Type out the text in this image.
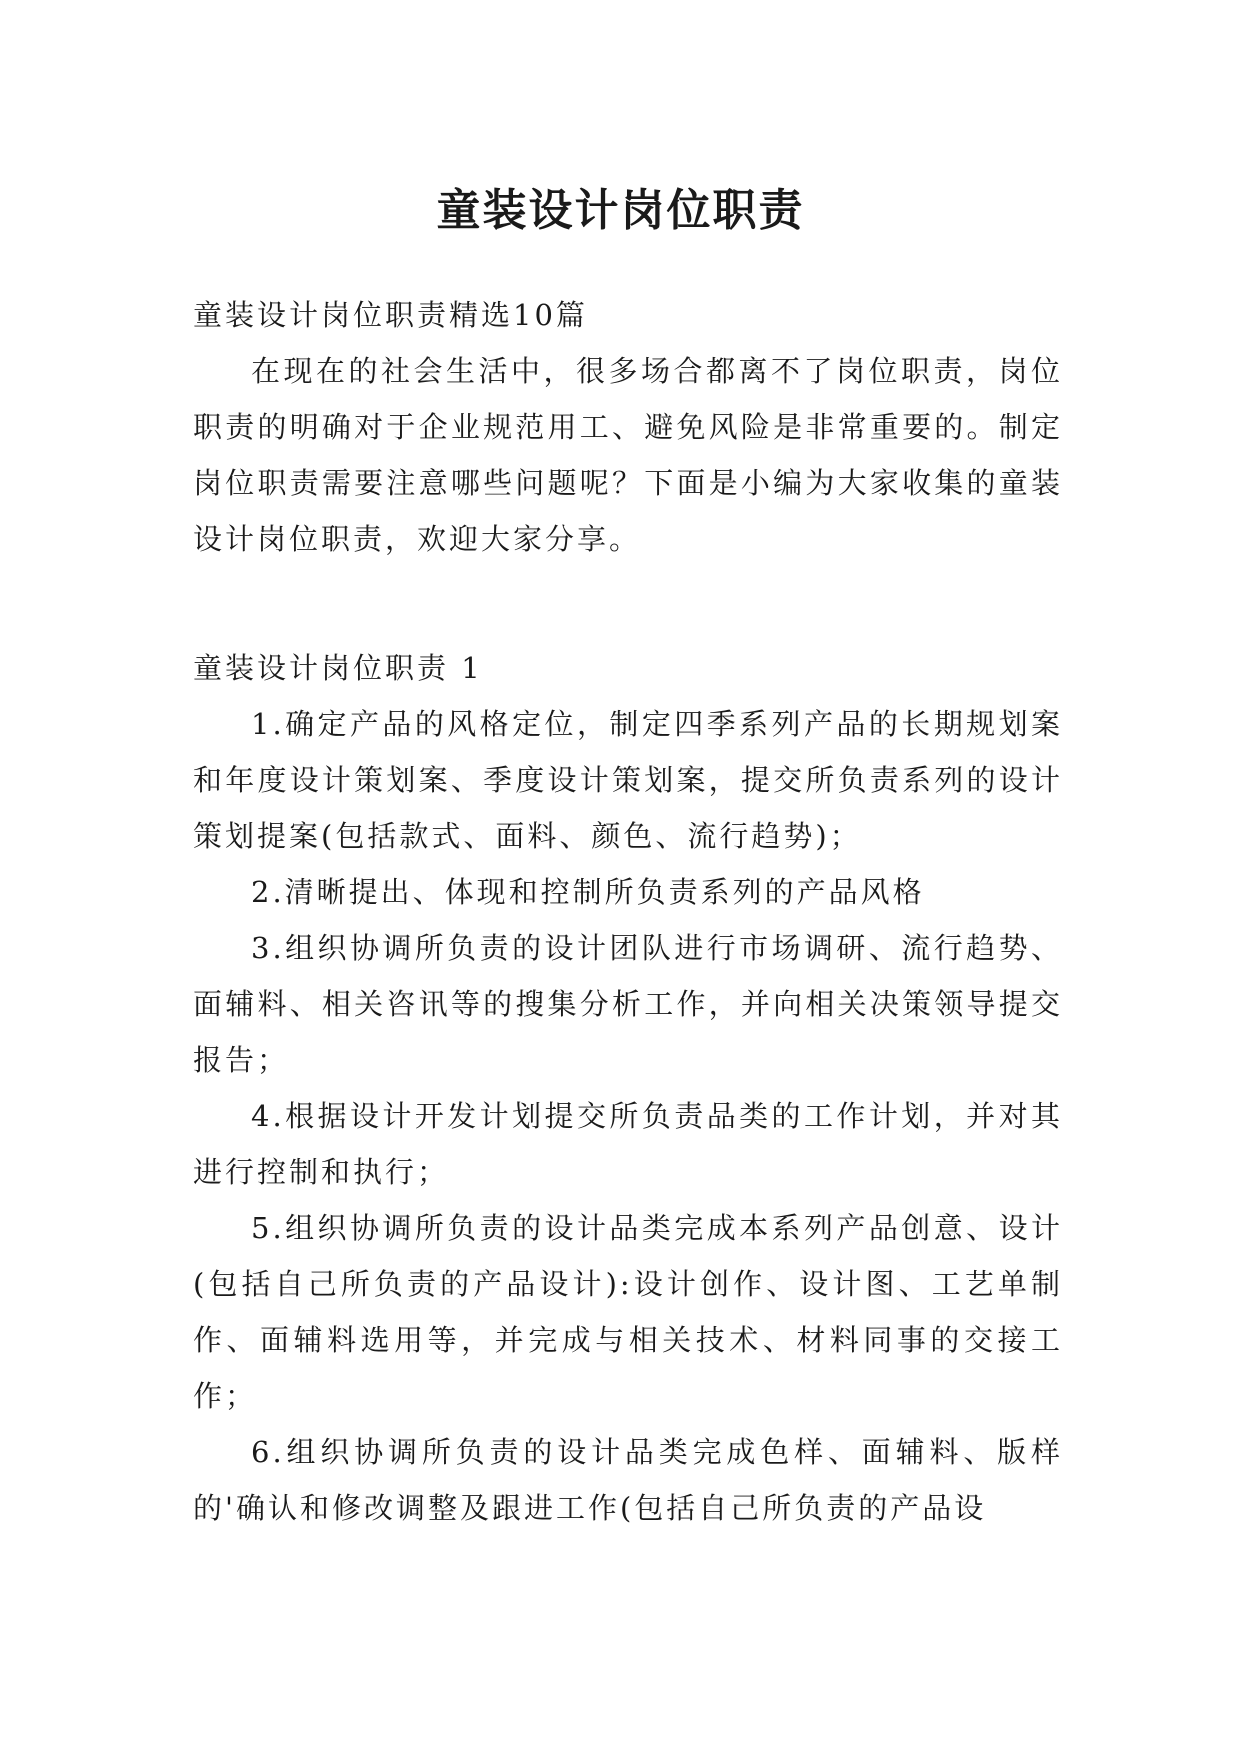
童装设计岗位职责

童装设计岗位职责精选10篇

在现在的社会生活中，很多场合都离不了岗位职责，岗位职责的明确对于企业规范用工、避免风险是非常重要的。制定岗位职责需要注意哪些问题呢？下面是小编为大家收集的童装设计岗位职责，欢迎大家分享。

童装设计岗位职责 1

1.确定产品的风格定位，制定四季系列产品的长期规划案和年度设计策划案、季度设计策划案，提交所负责系列的设计策划提案(包括款式、面料、颜色、流行趋势)；

2.清晰提出、体现和控制所负责系列的产品风格

3.组织协调所负责的设计团队进行市场调研、流行趋势、面辅料、相关咨讯等的搜集分析工作，并向相关决策领导提交报告；

4.根据设计开发计划提交所负责品类的工作计划，并对其进行控制和执行；

5.组织协调所负责的设计品类完成本系列产品创意、设计(包括自己所负责的产品设计):设计创作、设计图、工艺单制作、面辅料选用等，并完成与相关技术、材料同事的交接工作；

6.组织协调所负责的设计品类完成色样、面辅料、版样的'确认和修改调整及跟进工作(包括自己所负责的产品设
